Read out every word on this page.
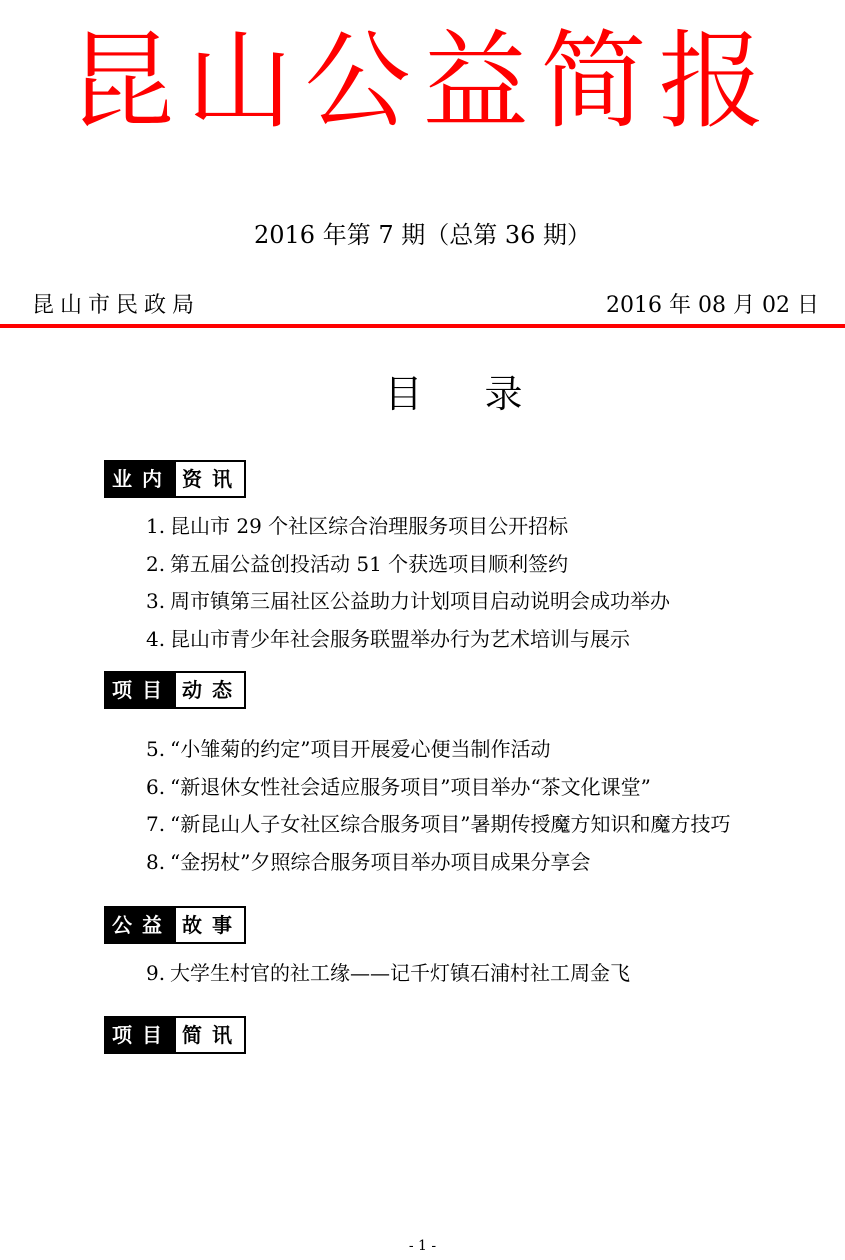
昆山公益简报
2016 年第 7 期（总第 36 期）
昆山市民政局	2016 年 08 月 02 日
目录
业内 资讯
1. 昆山市 29 个社区综合治理服务项目公开招标
2. 第五届公益创投活动 51 个获选项目顺利签约
3. 周市镇第三届社区公益助力计划项目启动说明会成功举办
4. 昆山市青少年社会服务联盟举办行为艺术培训与展示
项目 动态
5. “小雏菊的约定”项目开展爱心便当制作活动
6. “新退休女性社会适应服务项目”项目举办“茶文化课堂”
7. “新昆山人子女社区综合服务项目”暑期传授魔方知识和魔方技巧
8. “金拐杖”夕照综合服务项目举办项目成果分享会
公益 故事
9. 大学生村官的社工缘——记千灯镇石浦村社工周金飞
项目 简讯
- 1 -
